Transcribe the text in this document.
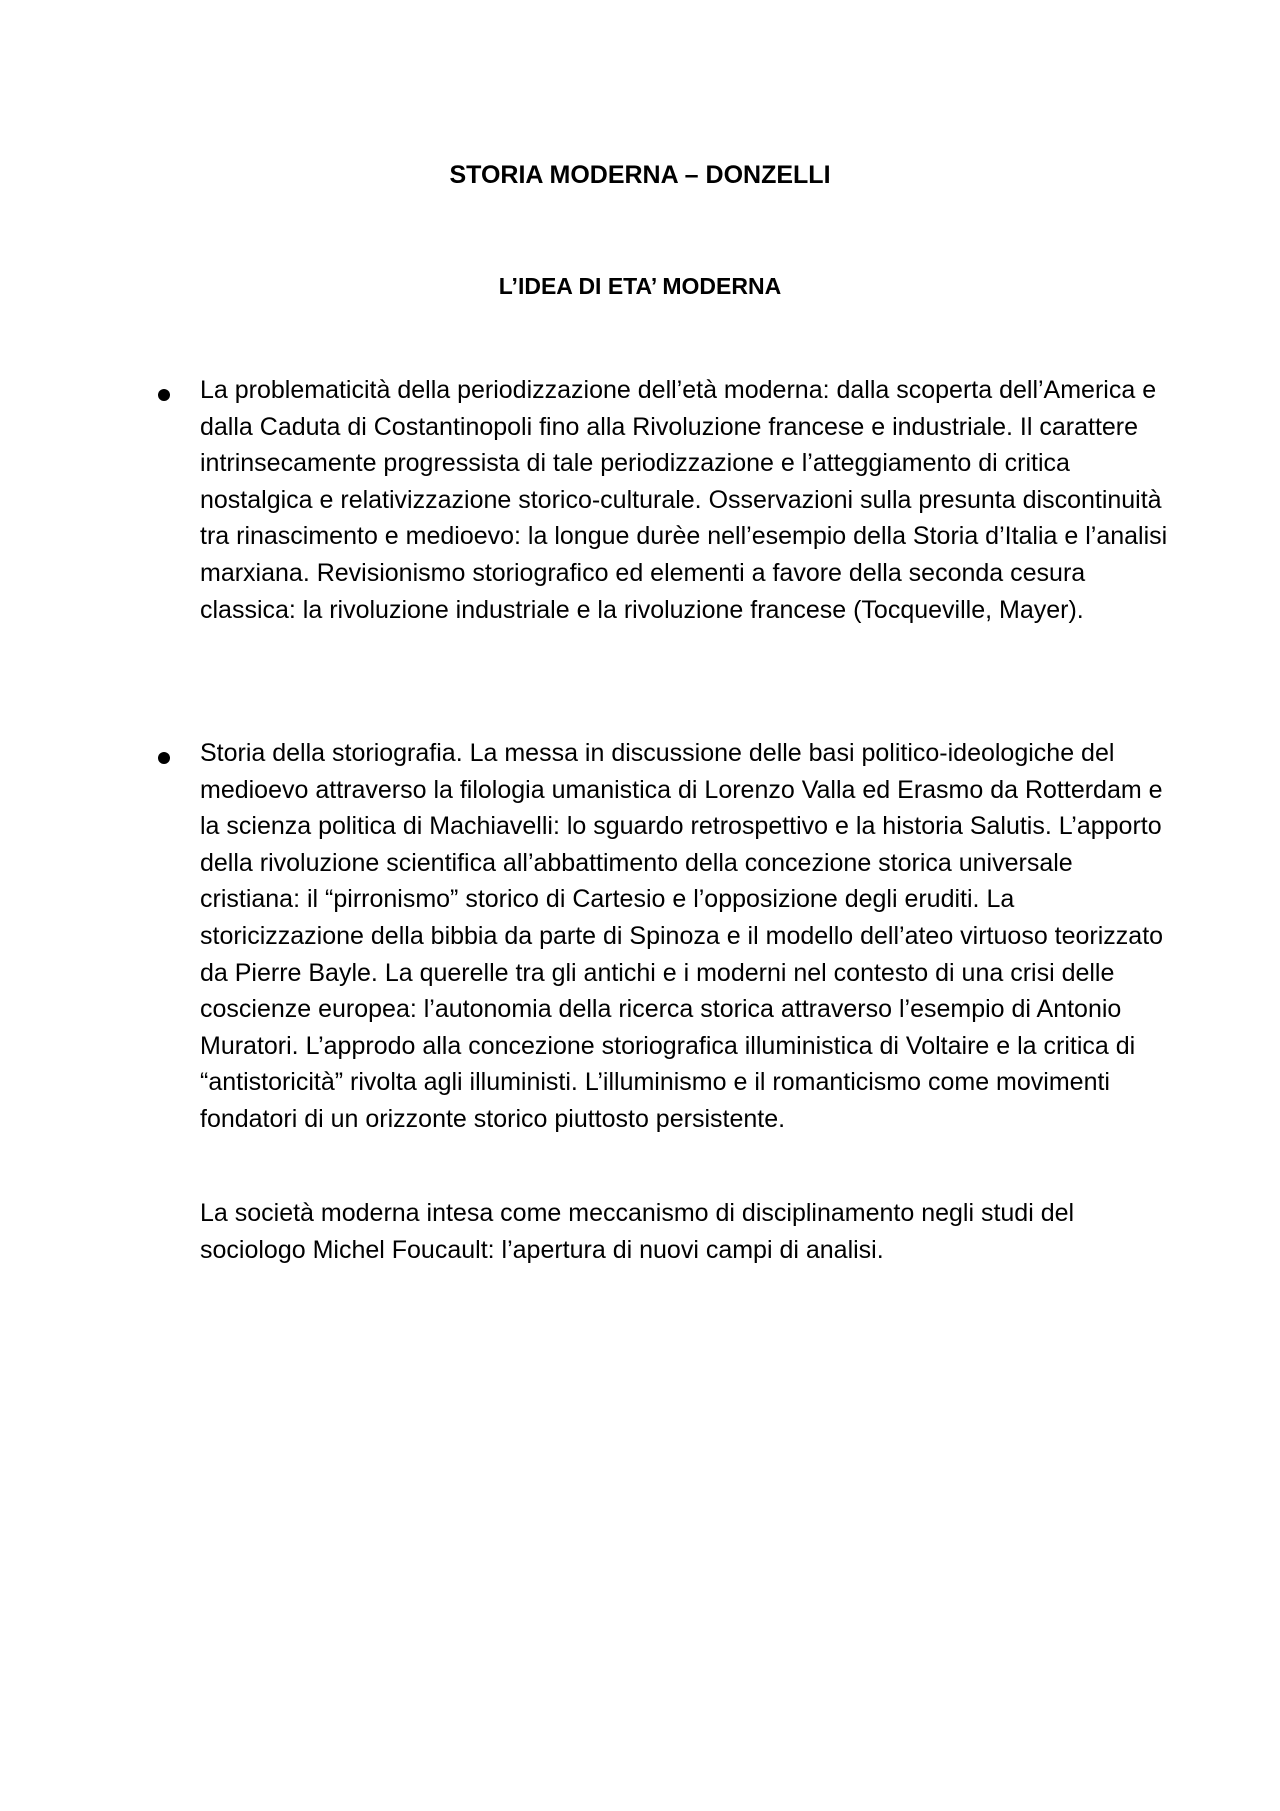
STORIA MODERNA – DONZELLI
L’IDEA DI ETA’ MODERNA

La problematicità della periodizzazione dell’età moderna: dalla scoperta dell’America e dalla Caduta di Costantinopoli fino alla Rivoluzione francese e industriale. Il carattere intrinsecamente progressista di tale periodizzazione e l’atteggiamento di critica nostalgica e relativizzazione storico-culturale. Osservazioni sulla presunta discontinuità tra rinascimento e medioevo: la longue durèe nell’esempio della Storia d’Italia e l’analisi marxiana. Revisionismo storiografico ed elementi a favore della seconda cesura classica: la rivoluzione industriale e la rivoluzione francese (Tocqueville, Mayer).

Storia della storiografia. La messa in discussione delle basi politico-ideologiche del medioevo attraverso la filologia umanistica di Lorenzo Valla ed Erasmo da Rotterdam e la scienza politica di Machiavelli: lo sguardo retrospettivo e la historia Salutis. L’apporto della rivoluzione scientifica all’abbattimento della concezione storica universale cristiana: il “pirronismo” storico di Cartesio e l’opposizione degli eruditi. La storicizzazione della bibbia da parte di Spinoza e il modello dell’ateo virtuoso teorizzato da Pierre Bayle. La querelle tra gli antichi e i moderni nel contesto di una crisi delle coscienze europea: l’autonomia della ricerca storica attraverso l’esempio di Antonio Muratori. L’approdo alla concezione storiografica illuministica di Voltaire e la critica di “antistoricità” rivolta agli illuministi. L’illuminismo e il romanticismo come movimenti fondatori di un orizzonte storico piuttosto persistente.

La società moderna intesa come meccanismo di disciplinamento negli studi del sociologo Michel Foucault: l’apertura di nuovi campi di analisi.
